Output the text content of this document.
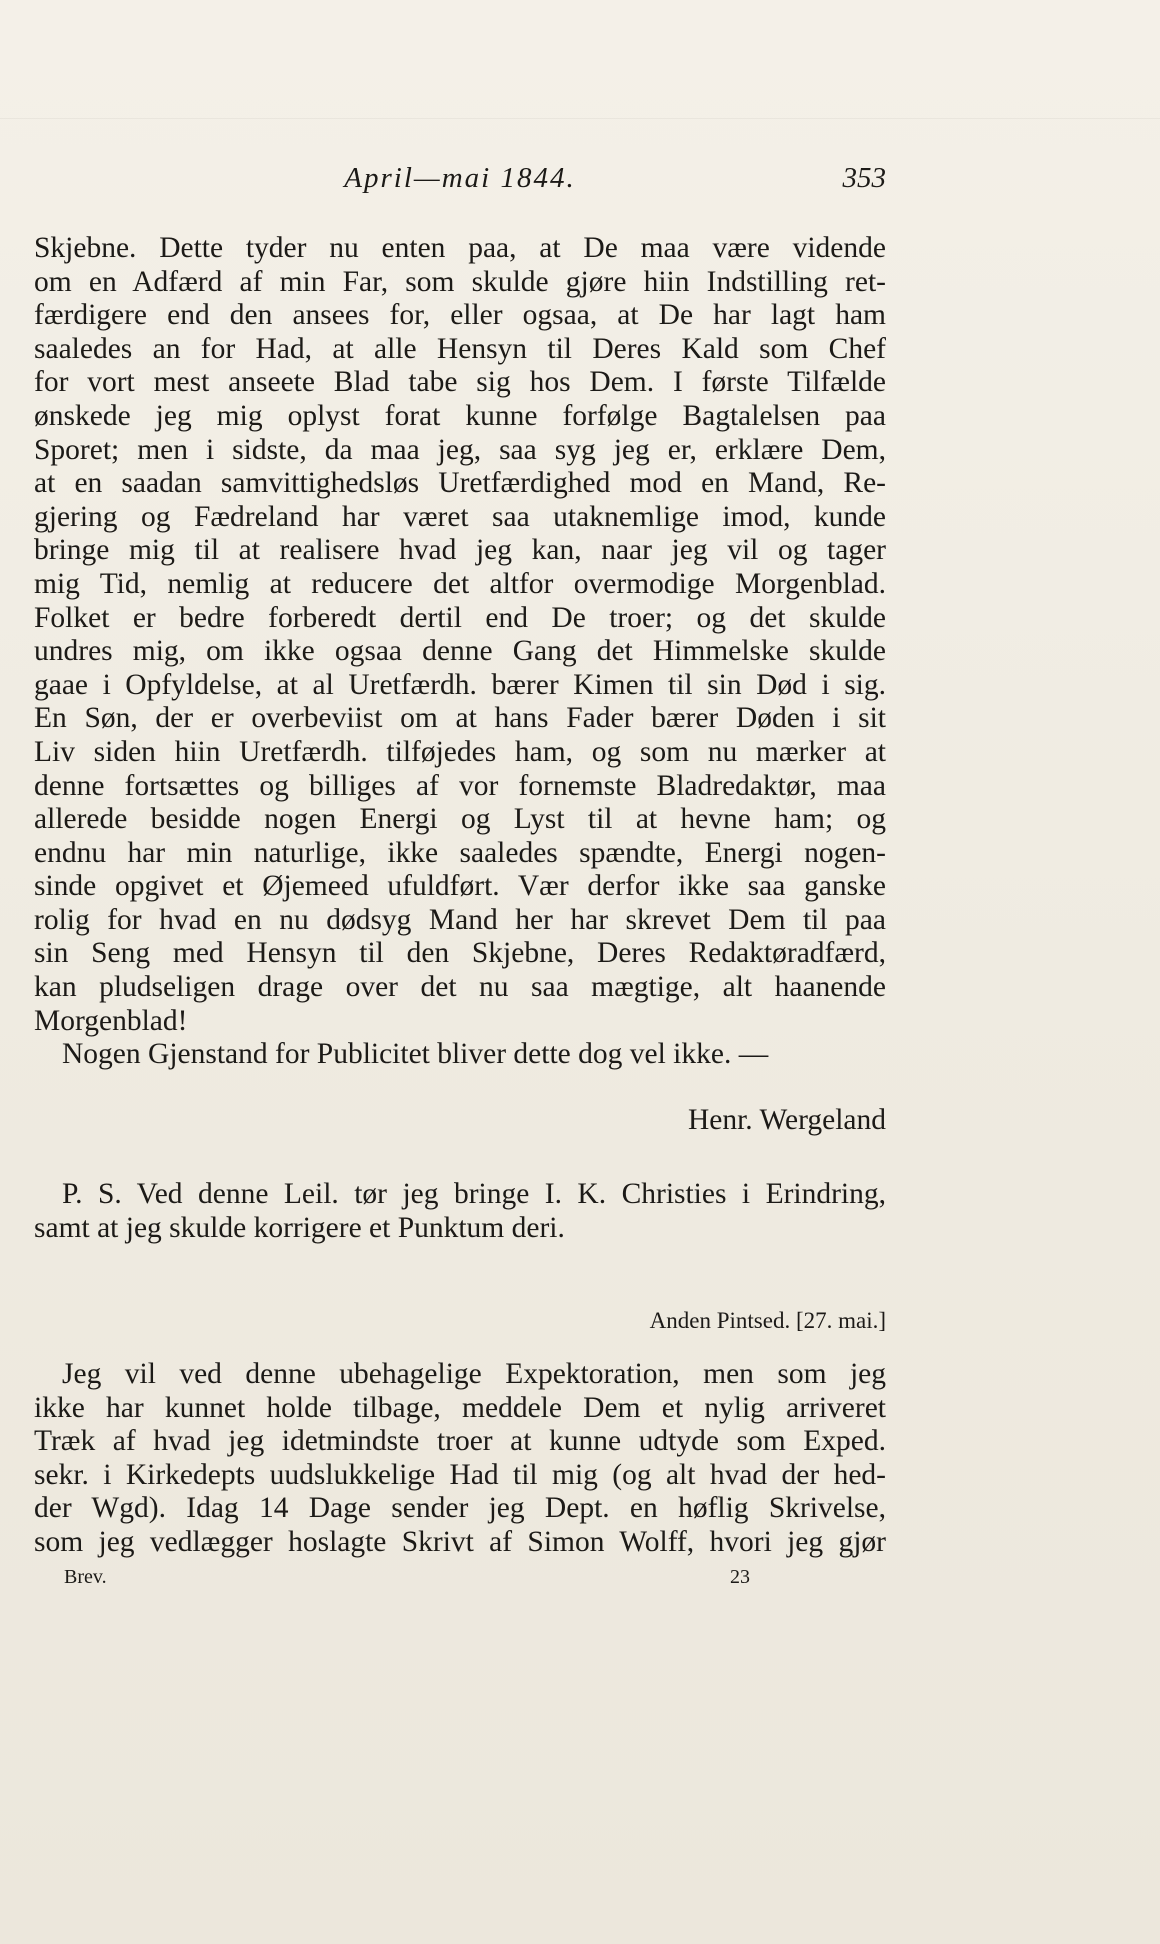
April—mai 1844.	353
Skjebne. Dette tyder nu enten paa, at De maa være vidende
om en Adfærd af min Far, som skulde gjøre hiin Indstilling ret-
færdigere end den ansees for, eller ogsaa, at De har lagt ham
saaledes an for Had, at alle Hensyn til Deres Kald som Chef
for vort mest anseete Blad tabe sig hos Dem. I første Tilfælde
ønskede jeg mig oplyst forat kunne forfølge Bagtalelsen paa
Sporet; men i sidste, da maa jeg, saa syg jeg er, erklære Dem,
at en saadan samvittighedsløs Uretfærdighed mod en Mand, Re-
gjering og Fædreland har været saa utaknemlige imod, kunde
bringe mig til at realisere hvad jeg kan, naar jeg vil og tager
mig Tid, nemlig at reducere det altfor overmodige Morgenblad.
Folket er bedre forberedt dertil end De troer; og det skulde
undres mig, om ikke ogsaa denne Gang det Himmelske skulde
gaae i Opfyldelse, at al Uretfærdh. bærer Kimen til sin Død i sig.
En Søn, der er overbeviist om at hans Fader bærer Døden i sit
Liv siden hiin Uretfærdh. tilføjedes ham, og som nu mærker at
denne fortsættes og billiges af vor fornemste Bladredaktør, maa
allerede besidde nogen Energi og Lyst til at hevne ham; og
endnu har min naturlige, ikke saaledes spændte, Energi nogen-
sinde opgivet et Øjemeed ufuldført. Vær derfor ikke saa ganske
rolig for hvad en nu dødsyg Mand her har skrevet Dem til paa
sin Seng med Hensyn til den Skjebne, Deres Redaktøradfærd,
kan pludseligen drage over det nu saa mægtige, alt haanende
Morgenblad!
Nogen Gjenstand for Publicitet bliver dette dog vel ikke. —
Henr. Wergeland
P. S. Ved denne Leil. tør jeg bringe I. K. Christies i Erindring,
samt at jeg skulde korrigere et Punktum deri.
Anden Pintsed. [27. mai.]
Jeg vil ved denne ubehagelige Expektoration, men som jeg
ikke har kunnet holde tilbage, meddele Dem et nylig arriveret
Træk af hvad jeg idetmindste troer at kunne udtyde som Exped.
sekr. i Kirkedepts uudslukkelige Had til mig (og alt hvad der hed-
der Wgd). Idag 14 Dage sender jeg Dept. en høflig Skrivelse,
som jeg vedlægger hoslagte Skrivt af Simon Wolff, hvori jeg gjør
Brev.	23
